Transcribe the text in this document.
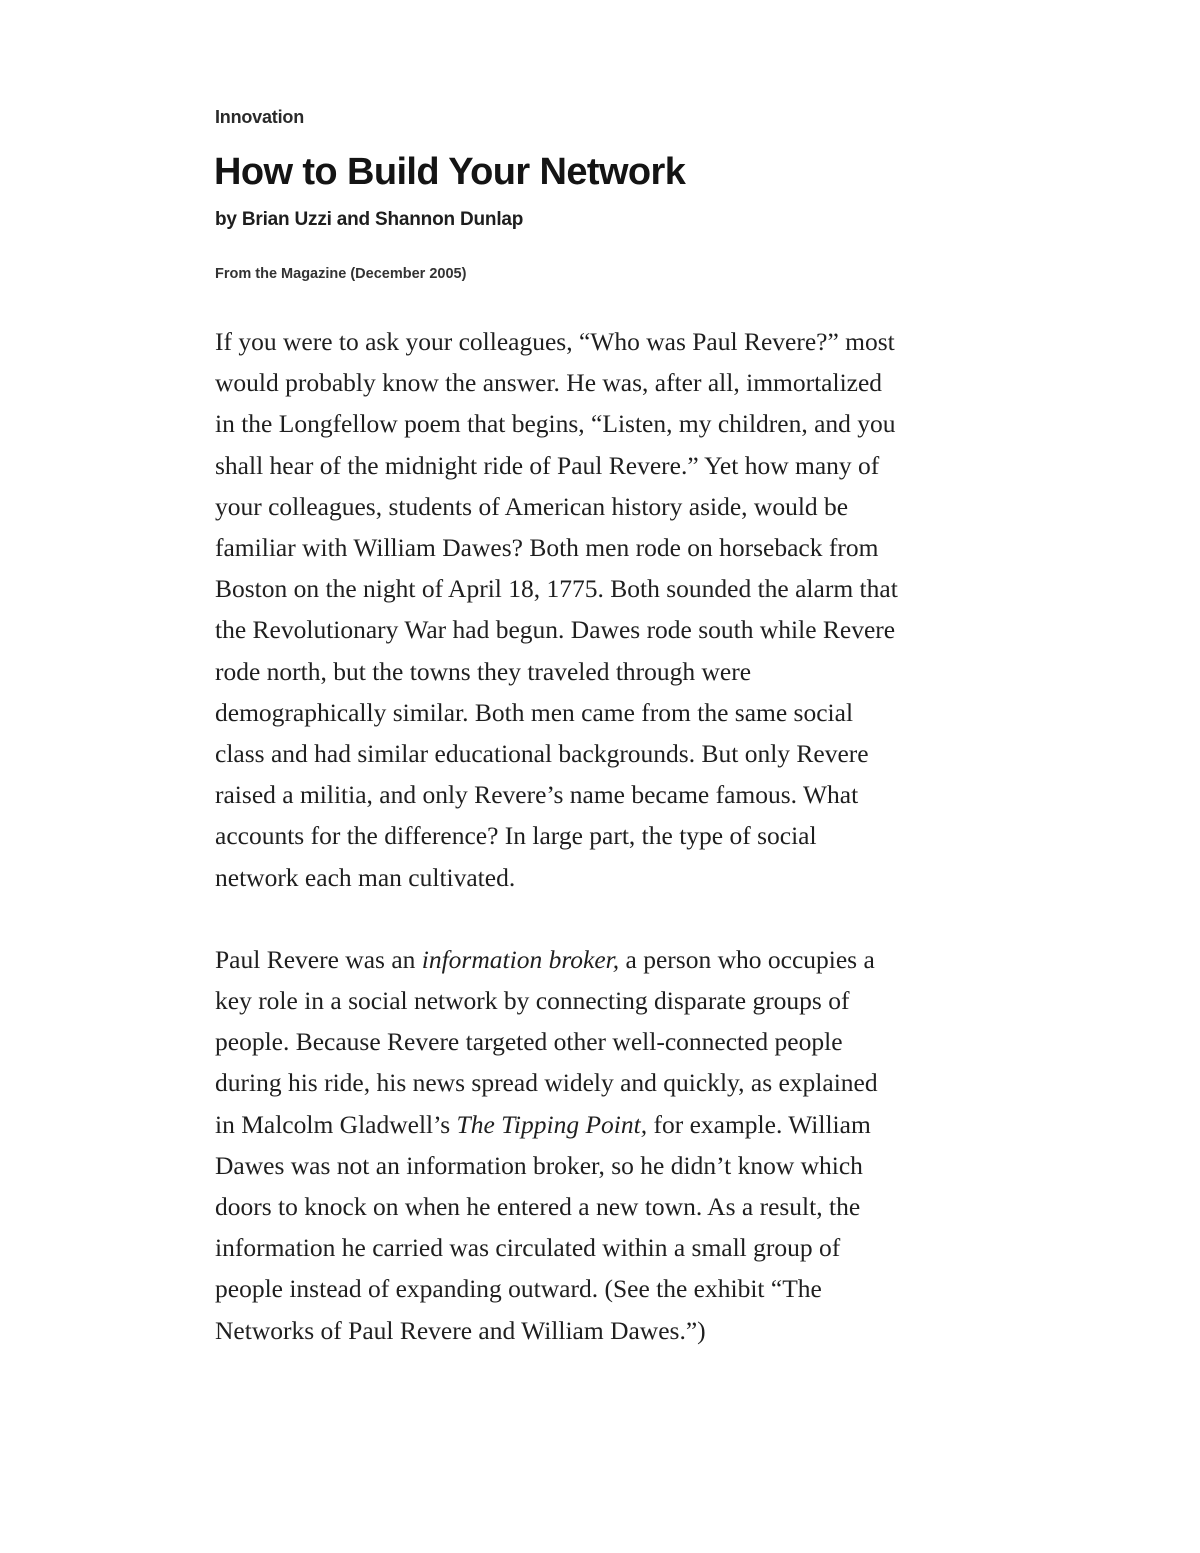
Innovation
How to Build Your Network
by Brian Uzzi and Shannon Dunlap
From the Magazine (December 2005)

If you were to ask your colleagues, “Who was Paul Revere?” most
would probably know the answer. He was, after all, immortalized
in the Longfellow poem that begins, “Listen, my children, and you
shall hear of the midnight ride of Paul Revere.” Yet how many of
your colleagues, students of American history aside, would be
familiar with William Dawes? Both men rode on horseback from
Boston on the night of April 18, 1775. Both sounded the alarm that
the Revolutionary War had begun. Dawes rode south while Revere
rode north, but the towns they traveled through were
demographically similar. Both men came from the same social
class and had similar educational backgrounds. But only Revere
raised a militia, and only Revere’s name became famous. What
accounts for the difference? In large part, the type of social
network each man cultivated.

Paul Revere was an information broker, a person who occupies a
key role in a social network by connecting disparate groups of
people. Because Revere targeted other well-connected people
during his ride, his news spread widely and quickly, as explained
in Malcolm Gladwell’s The Tipping Point, for example. William
Dawes was not an information broker, so he didn’t know which
doors to knock on when he entered a new town. As a result, the
information he carried was circulated within a small group of
people instead of expanding outward. (See the exhibit “The
Networks of Paul Revere and William Dawes.”)
